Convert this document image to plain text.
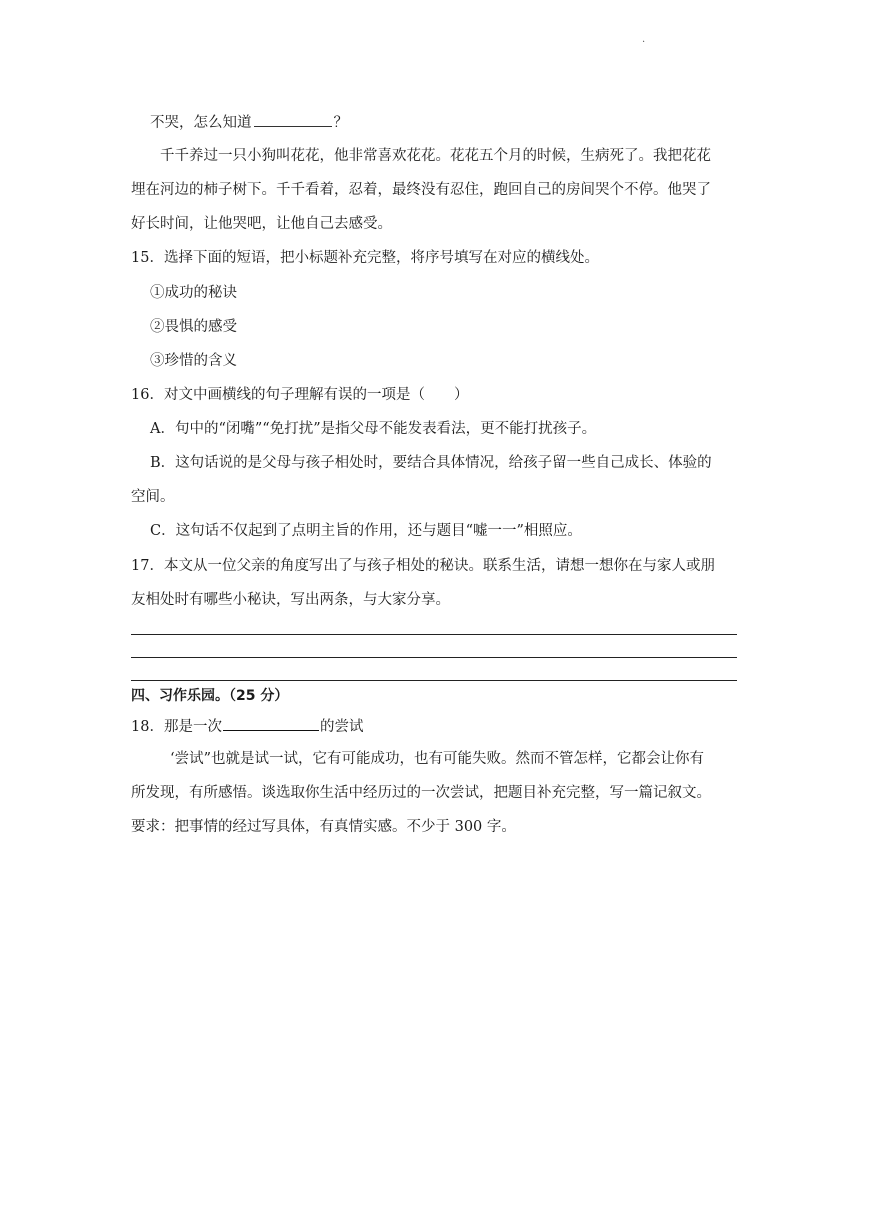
.
不哭，怎么知道	？
千千养过一只小狗叫花花，他非常喜欢花花。花花五个月的时候，生病死了。我把花花
埋在河边的柿子树下。千千看着，忍着，最终没有忍住，跑回自己的房间哭个不停。他哭了
好长时间，让他哭吧，让他自己去感受。
15．选择下面的短语，把小标题补充完整，将序号填写在对应的横线处。
①成功的秘诀
②畏惧的感受
③珍惜的含义
16．对文中画横线的句子理解有误的一项是（　　）
A．句中的“闭嘴”“免打扰”是指父母不能发表看法，更不能打扰孩子。
B．这句话说的是父母与孩子相处时，要结合具体情况，给孩子留一些自己成长、体验的
空间。
C．这句话不仅起到了点明主旨的作用，还与题目“嘘一一”相照应。
17．本文从一位父亲的角度写出了与孩子相处的秘诀。联系生活，请想一想你在与家人或朋
友相处时有哪些小秘诀，写出两条，与大家分享。
四、习作乐园。（25 分）
18．那是一次	的尝试
‘尝试”也就是试一试，它有可能成功，也有可能失败。然而不管怎样，它都会让你有
所发现，有所感悟。谈选取你生活中经历过的一次尝试，把题目补充完整，写一篇记叙文。
要求：把事情的经过写具体，有真情实感。不少于 300 字。
